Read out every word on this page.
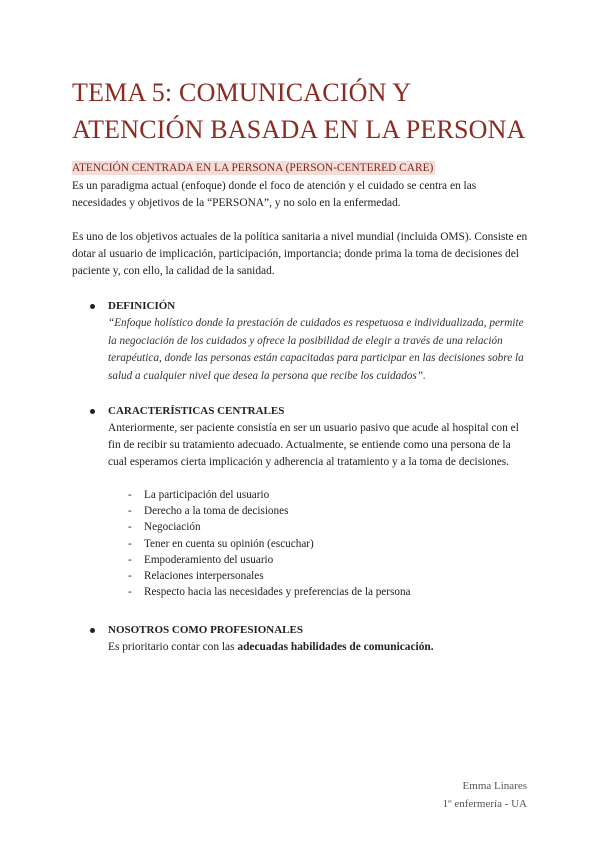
TEMA 5: COMUNICACIÓN Y
ATENCIÓN BASADA EN LA PERSONA
ATENCIÓN CENTRADA EN LA PERSONA (PERSON-CENTERED CARE)

Es un paradigma actual (enfoque) donde el foco de atención y el cuidado se centra en las necesidades y objetivos de la “PERSONA”, y no solo en la enfermedad.

Es uno de los objetivos actuales de la política sanitaria a nivel mundial (incluida OMS). Consiste en dotar al usuario de implicación, participación, importancia; donde prima la toma de decisiones del paciente y, con ello, la calidad de la sanidad.

DEFINICIÓN
“Enfoque holístico donde la prestación de cuidados es respetuosa e individualizada, permite la negociación de los cuidados y ofrece la posibilidad de elegir a través de una relación terapéutica, donde las personas están capacitadas para participar en las decisiones sobre la salud a cualquier nivel que desea la persona que recibe los cuidados”.
CARACTERÍSTICAS CENTRALES

Anteriormente, ser paciente consistía en ser un usuario pasivo que acude al hospital con el fin de recibir su tratamiento adecuado. Actualmente, se entiende como una persona de la cual esperamos cierta implicación y adherencia al tratamiento y a la toma de decisiones.

- La participación del usuario
- Derecho a la toma de decisiones
- Negociación
- Tener en cuenta su opinión (escuchar)
- Empoderamiento del usuario
- Relaciones interpersonales
- Respecto hacia las necesidades y preferencias de la persona
NOSOTROS COMO PROFESIONALES

Es prioritario contar con las adecuadas habilidades de comunicación.

Emma Linares
1º enfermería - UA
